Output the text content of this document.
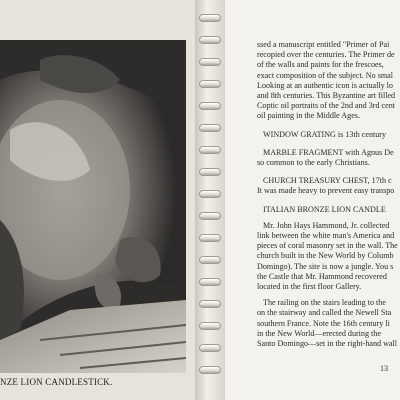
NZE LION CANDLESTICK.

ssed a manuscript entitled "Primer of Pai

recopied over the centuries. The Primer de

of the walls and paints for the frescoes,

exact composition of the subject. No smal

Looking at an authentic icon is actually lo

and 8th centuries. This Byzantine art filled

Coptic oil portraits of the 2nd and 3rd cent

oil painting in the Middle Ages.

WINDOW GRATING is 13th century

MARBLE FRAGMENT with Agnus De

so common to the early Christians.

CHURCH TREASURY CHEST, 17th c

It was made heavy to prevent easy transpo

ITALIAN BRONZE LION CANDLE

Mr. John Hays Hammond, Jr. collected

link between the white man's America and

pieces of coral masonry set in the wall. The

church built in the New World by Columb

Domingo). The site is now a jungle. You s

the Castle that Mr. Hammond recovered

located in the first floor Gallery.

The railing on the stairs leading to the

on the stairway and called the Newell Sta

southern France. Note the 16th century li

in the New World—erected during the

Santo Domingo—set in the right-hand wall

13
